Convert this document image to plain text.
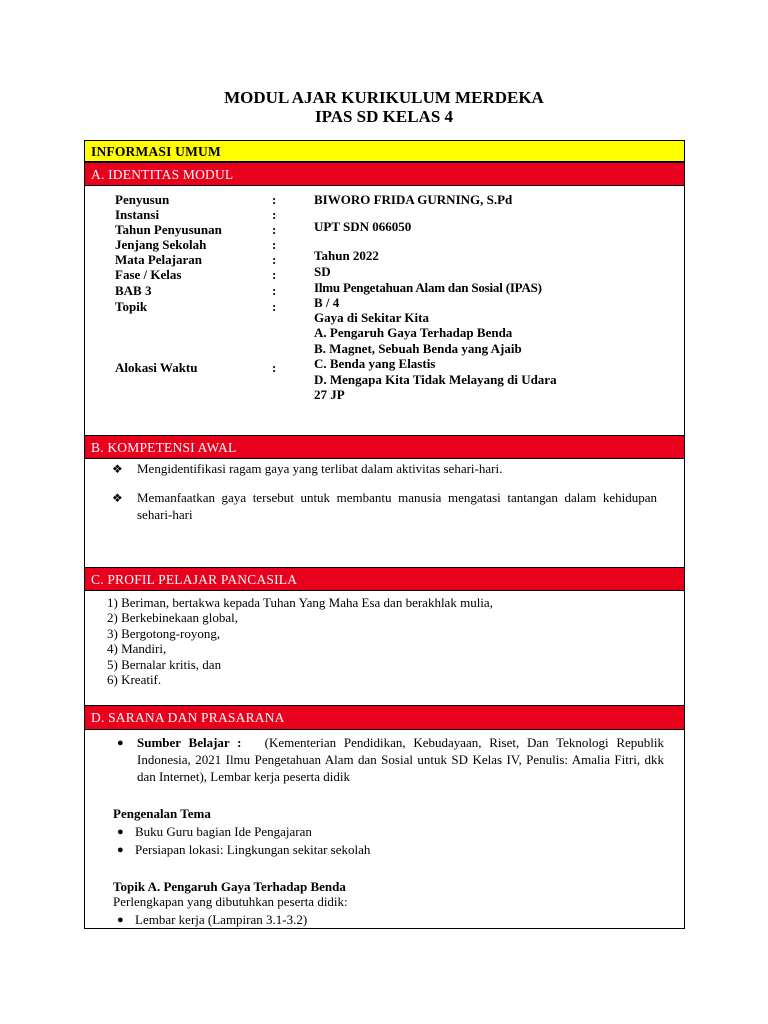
MODUL AJAR KURIKULUM MERDEKA
IPAS SD KELAS 4
INFORMASI UMUM
A. IDENTITAS MODUL
Penyusun
Instansi
Tahun Penyusunan
Jenjang Sekolah
Mata Pelajaran
Fase / Kelas
BAB 3
Topik
Alokasi Waktu
:
:
:
:
:
:
:
:
:
BIWORO FRIDA GURNING, S.Pd
UPT SDN 066050
Tahun 2022
SD
Ilmu Pengetahuan Alam dan Sosial (IPAS)
B / 4
Gaya di Sekitar Kita
A. Pengaruh Gaya Terhadap Benda
B. Magnet, Sebuah Benda yang Ajaib
C. Benda yang Elastis
D. Mengapa Kita Tidak Melayang di Udara
27 JP
B. KOMPETENSI AWAL
❖ Mengidentifikasi ragam gaya yang terlibat dalam aktivitas sehari-hari.
❖ Memanfaatkan gaya tersebut untuk membantu manusia mengatasi tantangan dalam kehidupan sehari-hari
C. PROFIL PELAJAR PANCASILA
1) Beriman, bertakwa kepada Tuhan Yang Maha Esa dan berakhlak mulia,
2) Berkebinekaan global,
3) Bergotong-royong,
4) Mandiri,
5) Bernalar kritis, dan
6) Kreatif.
D. SARANA DAN PRASARANA
● Sumber Belajar : (Kementerian Pendidikan, Kebudayaan, Riset, Dan Teknologi Republik Indonesia, 2021 Ilmu Pengetahuan Alam dan Sosial untuk SD Kelas IV, Penulis: Amalia Fitri, dkk dan Internet), Lembar kerja peserta didik
Pengenalan Tema
● Buku Guru bagian Ide Pengajaran
● Persiapan lokasi: Lingkungan sekitar sekolah
Topik A. Pengaruh Gaya Terhadap Benda
Perlengkapan yang dibutuhkan peserta didik:
● Lembar kerja (Lampiran 3.1-3.2)
